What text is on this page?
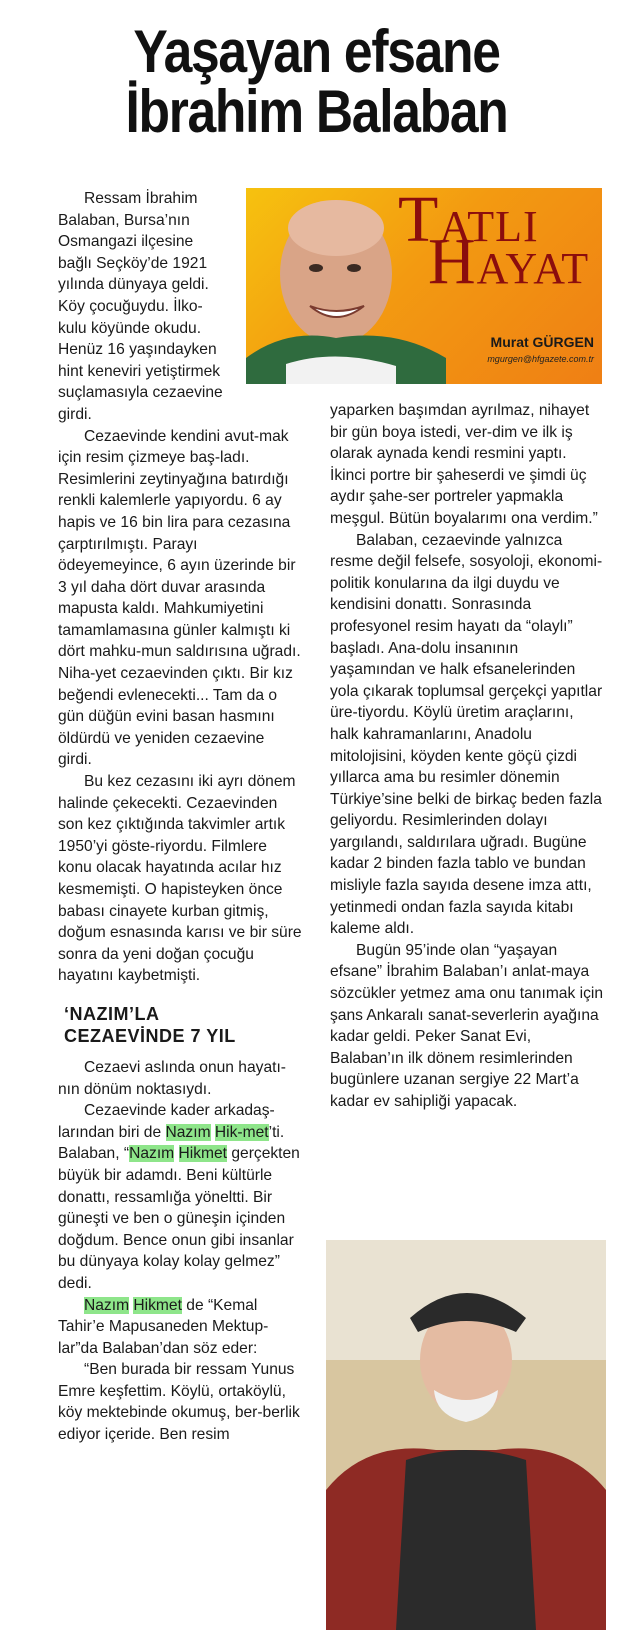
Yaşayan efsane
İbrahim Balaban
TATLI
HAYAT
Murat GÜRGEN
mgurgen@hfgazete.com.tr

Ressam İbrahim

Balaban, Bursa’nın

Osmangazi ilçesine

bağlı Seçköy’de 1921

yılında dünyaya geldi.

Köy çocuğuydu. İlko-

kulu köyünde okudu.

Henüz 16 yaşındayken

hint keneviri yetiştirmek

suçlamasıyla cezaevine

girdi.

Cezaevinde kendini avut-mak için resim çizmeye baş-ladı. Resimlerini zeytinyağına batırdığı renkli kalemlerle yapıyordu. 6 ay hapis ve 16 bin lira para cezasına çarptırılmıştı. Parayı ödeyemeyince, 6 ayın üzerinde bir 3 yıl daha dört duvar arasında mapusta kaldı. Mahkumiyetini tamamlamasına günler kalmıştı ki dört mahku-mun saldırısına uğradı. Niha-yet cezaevinden çıktı. Bir kız beğendi evlenecekti... Tam da o gün düğün evini basan hasmını öldürdü ve yeniden cezaevine girdi.

Bu kez cezasını iki ayrı dönem halinde çekecekti. Cezaevinden son kez çıktığında takvimler artık 1950’yi göste-riyordu. Filmlere konu olacak hayatında acılar hız kesmemişti. O hapisteyken önce babası cinayete kurban gitmiş, doğum esnasında karısı ve bir süre sonra da yeni doğan çocuğu hayatını kaybetmişti.

‘NAZIM’LA
CEZAEVİNDE 7 YIL

Cezaevi aslında onun hayatı-nın dönüm noktasıydı.

Cezaevinde kader arkadaş-larından biri de Nazım Hik-met’ti. Balaban, “Nazım Hikmet gerçekten büyük bir adamdı. Beni kültürle donattı, ressamlığa yöneltti. Bir güneşti ve ben o güneşin içinden doğdum. Bence onun gibi insanlar bu dünyaya kolay kolay gelmez” dedi.

Nazım Hikmet de “Kemal Tahir’e Mapusaneden Mektup-lar”da Balaban’dan söz eder:

“Ben burada bir ressam Yunus Emre keşfettim. Köylü, ortaköylü, köy mektebinde okumuş, ber-berlik ediyor içeride. Ben resim

yaparken başımdan ayrılmaz, nihayet bir gün boya istedi, ver-dim ve ilk iş olarak aynada kendi resmini yaptı. İkinci portre bir şaheserdi ve şimdi üç aydır şahe-ser portreler yapmakla meşgul. Bütün boyalarımı ona verdim.”

Balaban, cezaevinde yalnızca resme değil felsefe, sosyoloji, ekonomi-politik konularına da ilgi duydu ve kendisini donattı. Sonrasında profesyonel resim hayatı da “olaylı” başladı. Ana-dolu insanının yaşamından ve halk efsanelerinden yola çıkarak toplumsal gerçekçi yapıtlar üre-tiyordu. Köylü üretim araçlarını, halk kahramanlarını, Anadolu mitolojisini, köyden kente göçü çizdi yıllarca ama bu resimler dönemin Türkiye’sine belki de birkaç beden fazla geliyordu. Resimlerinden dolayı yargılandı, saldırılara uğradı. Bugüne kadar 2 binden fazla tablo ve bundan misliyle fazla sayıda desene imza attı, yetinmedi ondan fazla sayıda kitabı kaleme aldı.

Bugün 95’inde olan “yaşayan efsane” İbrahim Balaban’ı anlat-maya sözcükler yetmez ama onu tanımak için şans Ankaralı sanat-severlerin ayağına kadar geldi. Peker Sanat Evi, Balaban’ın ilk dönem resimlerinden bugünlere uzanan sergiye 22 Mart’a kadar ev sahipliği yapacak.
